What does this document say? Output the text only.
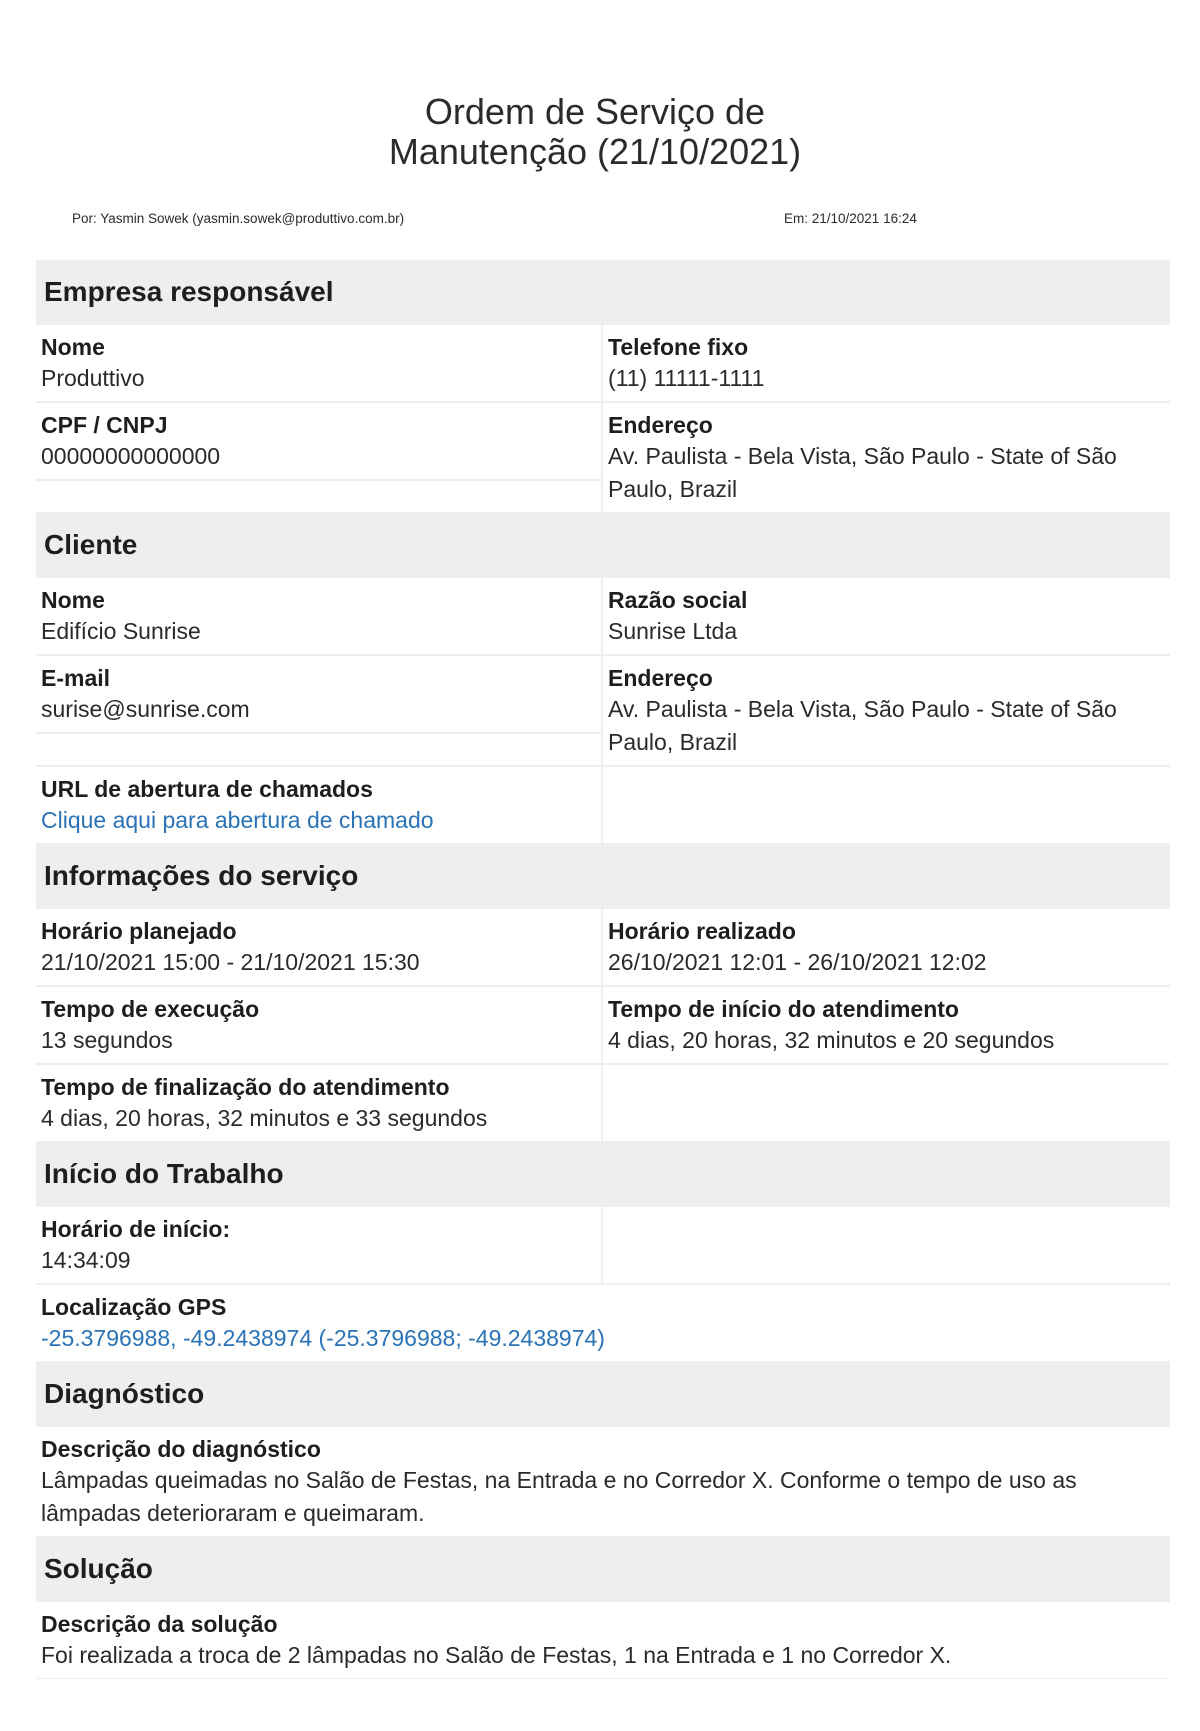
Ordem de Serviço de
Manutenção (21/10/2021)
Por: Yasmin Sowek (yasmin.sowek@produttivo.com.br)	Em: 21/10/2021 16:24
Empresa responsável
Nome
Produttivo
Telefone fixo
(11) 11111-1111
CPF / CNPJ
00000000000000
Endereço
Av. Paulista - Bela Vista, São Paulo - State of São Paulo, Brazil
Cliente
Nome
Edifício Sunrise
Razão social
Sunrise Ltda
E-mail
surise@sunrise.com
Endereço
Av. Paulista - Bela Vista, São Paulo - State of São Paulo, Brazil
URL de abertura de chamados
Clique aqui para abertura de chamado
Informações do serviço
Horário planejado
21/10/2021 15:00 - 21/10/2021 15:30
Horário realizado
26/10/2021 12:01 - 26/10/2021 12:02
Tempo de execução
13 segundos
Tempo de início do atendimento
4 dias, 20 horas, 32 minutos e 20 segundos
Tempo de finalização do atendimento
4 dias, 20 horas, 32 minutos e 33 segundos
Início do Trabalho
Horário de início:
14:34:09
Localização GPS
-25.3796988, -49.2438974 (-25.3796988; -49.2438974)
Diagnóstico
Descrição do diagnóstico
Lâmpadas queimadas no Salão de Festas, na Entrada e no Corredor X. Conforme o tempo de uso as lâmpadas deterioraram e queimaram.
Solução
Descrição da solução
Foi realizada a troca de 2 lâmpadas no Salão de Festas, 1 na Entrada e 1 no Corredor X.
